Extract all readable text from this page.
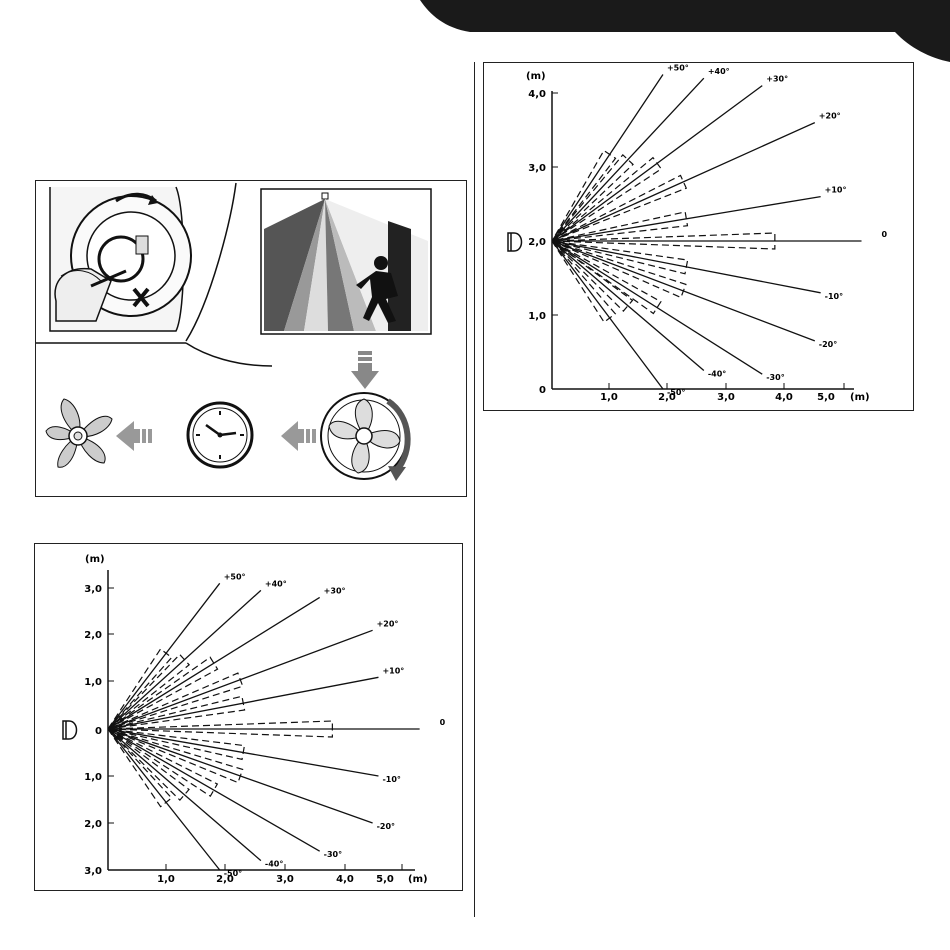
(m)
(m)
4,0
3,0
2,0
1,0
0
1,0	2,0	3,0	4,0 5,0
+50° +40°
+30°
+20°
+10°
0
-10°
-20°
-30°
-40°
-50°
(m)
(m)
3,0
2,0
1,0
0
1,0
2,0
3,0
1,0	2,0	3,0	4,0 5,0
+50°
+40°
+30°
+20°
+10°
0
-10°
-20°
-30°
-40°
-50°
